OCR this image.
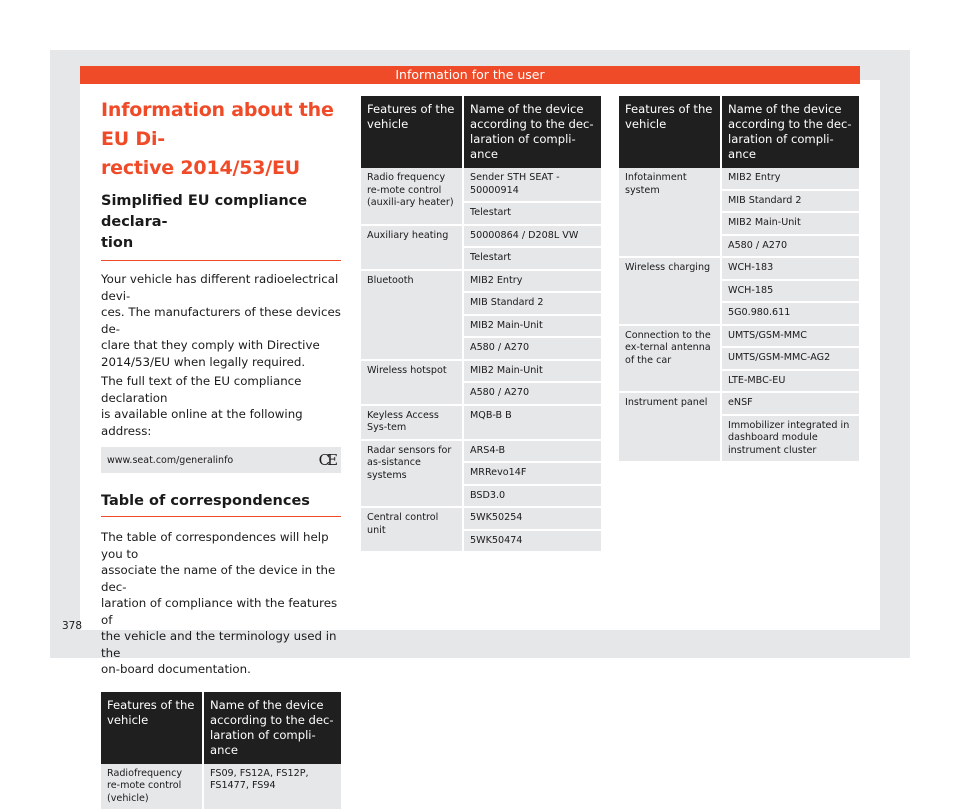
Information for the user
Information about the EU Di-
rective 2014/53/EU
Simplified EU compliance declara-
tion

Your vehicle has different radioelectrical devi-
ces. The manufacturers of these devices de-
clare that they comply with Directive
2014/53/EU when legally required.

The full text of the EU compliance declaration
is available online at the following address:

www.seat.com/generalinfo	CE
Table of correspondences

The table of correspondences will help you to
associate the name of the device in the dec-
laration of compliance with the features of
the vehicle and the terminology used in the
on-board documentation.

Features of the vehicle	Name of the device according to the dec-laration of compli-ance
Radiofrequency re-mote control (vehicle)	FS09, FS12A, FS12P, FS1477, FS94
Features of the vehicle	Name of the device according to the dec-laration of compli-ance
Radio frequency re-mote control (auxili-ary heater)	Sender STH SEAT - 50000914
	Telestart
Auxiliary heating	50000864 / D208L VW
	Telestart
Bluetooth	MIB2 Entry
	MIB Standard 2
	MIB2 Main-Unit
	A580 / A270
Wireless hotspot	MIB2 Main-Unit
	A580 / A270
Keyless Access Sys-tem	MQB-B B
Radar sensors for as-sistance systems	ARS4-B
	MRRevo14F
	BSD3.0
Central control unit	5WK50254
	5WK50474
Features of the vehicle	Name of the device according to the dec-laration of compli-ance
Infotainment system	MIB2 Entry
	MIB Standard 2
	MIB2 Main-Unit
	A580 / A270
Wireless charging	WCH-183
	WCH-185
	5G0.980.611
Connection to the ex-ternal antenna of the car	UMTS/GSM-MMC
	UMTS/GSM-MMC-AG2
	LTE-MBC-EU
Instrument panel	eNSF
	Immobilizer integrated in dashboard module instrument cluster
378
